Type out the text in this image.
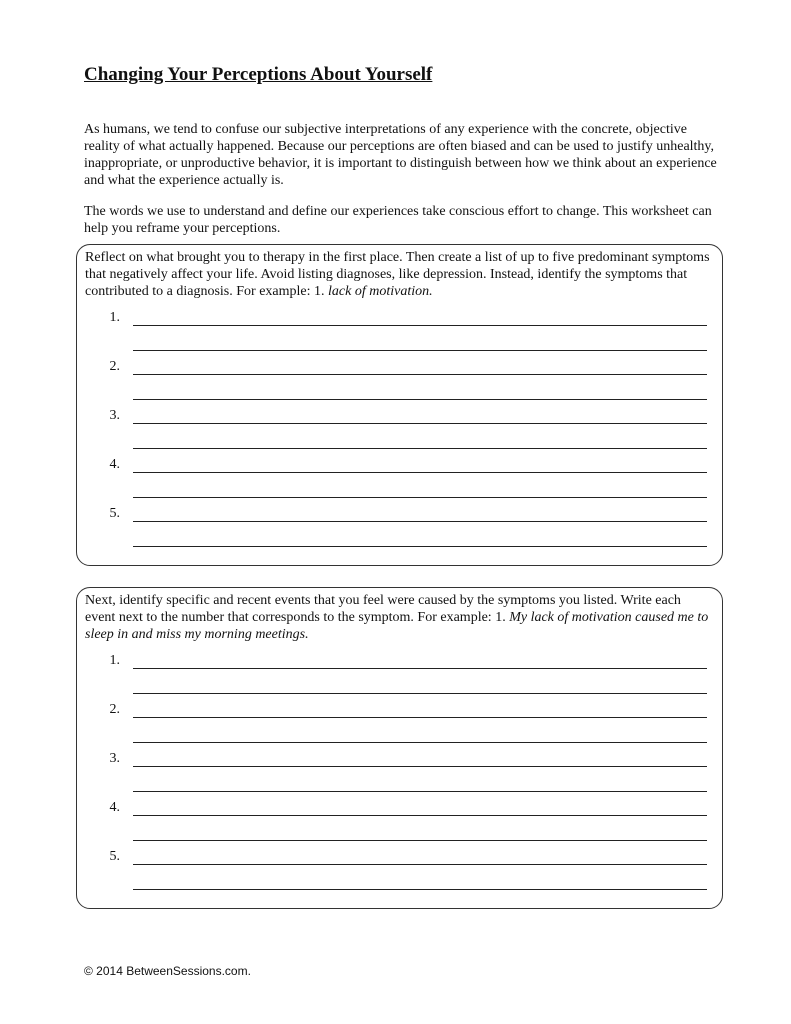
Changing Your Perceptions About Yourself

As humans, we tend to confuse our subjective interpretations of any experience with the concrete, objective reality of what actually happened. Because our perceptions are often biased and can be used to justify unhealthy, inappropriate, or unproductive behavior, it is important to distinguish between how we think about an experience and what the experience actually is.

The words we use to understand and define our experiences take conscious effort to change. This worksheet can help you reframe your perceptions.

Reflect on what brought you to therapy in the first place. Then create a list of up to five predominant symptoms that negatively affect your life. Avoid listing diagnoses, like depression. Instead, identify the symptoms that contributed to a diagnosis. For example: 1. lack of motivation.

1.
2.
3.
4.
5.

Next, identify specific and recent events that you feel were caused by the symptoms you listed. Write each event next to the number that corresponds to the symptom. For example: 1. My lack of motivation caused me to sleep in and miss my morning meetings.

1.
2.
3.
4.
5.
© 2014 BetweenSessions.com.
